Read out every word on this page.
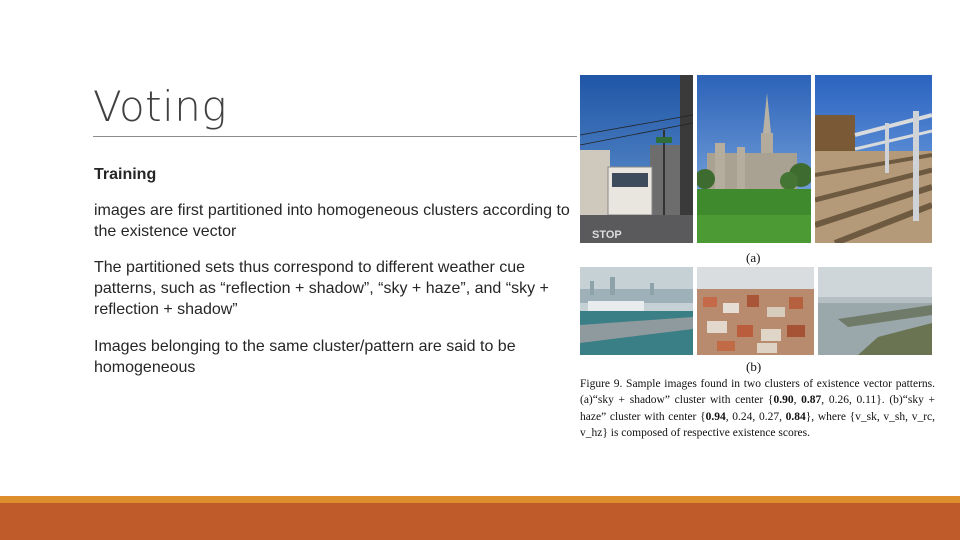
Voting
Training
images are first partitioned into homogeneous clusters according to the existence vector
The partitioned sets thus correspond to different weather cue patterns, such as “reflection + shadow”, “sky + haze”, and “sky + reflection + shadow”
Images belonging to the same cluster/pattern are said to be homogeneous
STOP
(a)
(b)
Figure 9. Sample images found in two clusters of existence vector patterns. (a)“sky + shadow” cluster with center {0.90, 0.87, 0.26, 0.11}. (b)“sky + haze” cluster with center {0.94, 0.24, 0.27, 0.84}, where {v_sk, v_sh, v_rc, v_hz} is composed of respective existence scores.
